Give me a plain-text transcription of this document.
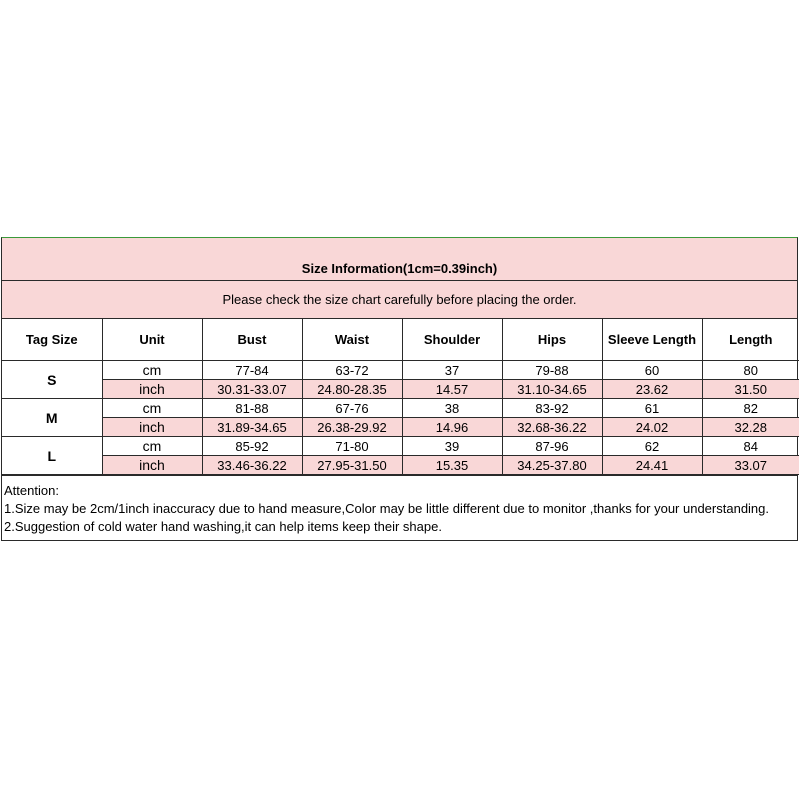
Size Information(1cm=0.39inch)
Please check the size chart carefully before placing the order.
Tag Size	Unit	Bust	Waist	Shoulder	Hips	Sleeve Length	Length
S	cm	77-84	63-72	37	79-88	60	80
	inch	30.31-33.07	24.80-28.35	14.57	31.10-34.65	23.62	31.50
M	cm	81-88	67-76	38	83-92	61	82
	inch	31.89-34.65	26.38-29.92	14.96	32.68-36.22	24.02	32.28
L	cm	85-92	71-80	39	87-96	62	84
	inch	33.46-36.22	27.95-31.50	15.35	34.25-37.80	24.41	33.07
Attention:
1.Size may be 2cm/1inch inaccuracy due to hand measure,Color may be little different due to monitor ,thanks for your understanding.
2.Suggestion of cold water hand washing,it can help items keep their shape.
